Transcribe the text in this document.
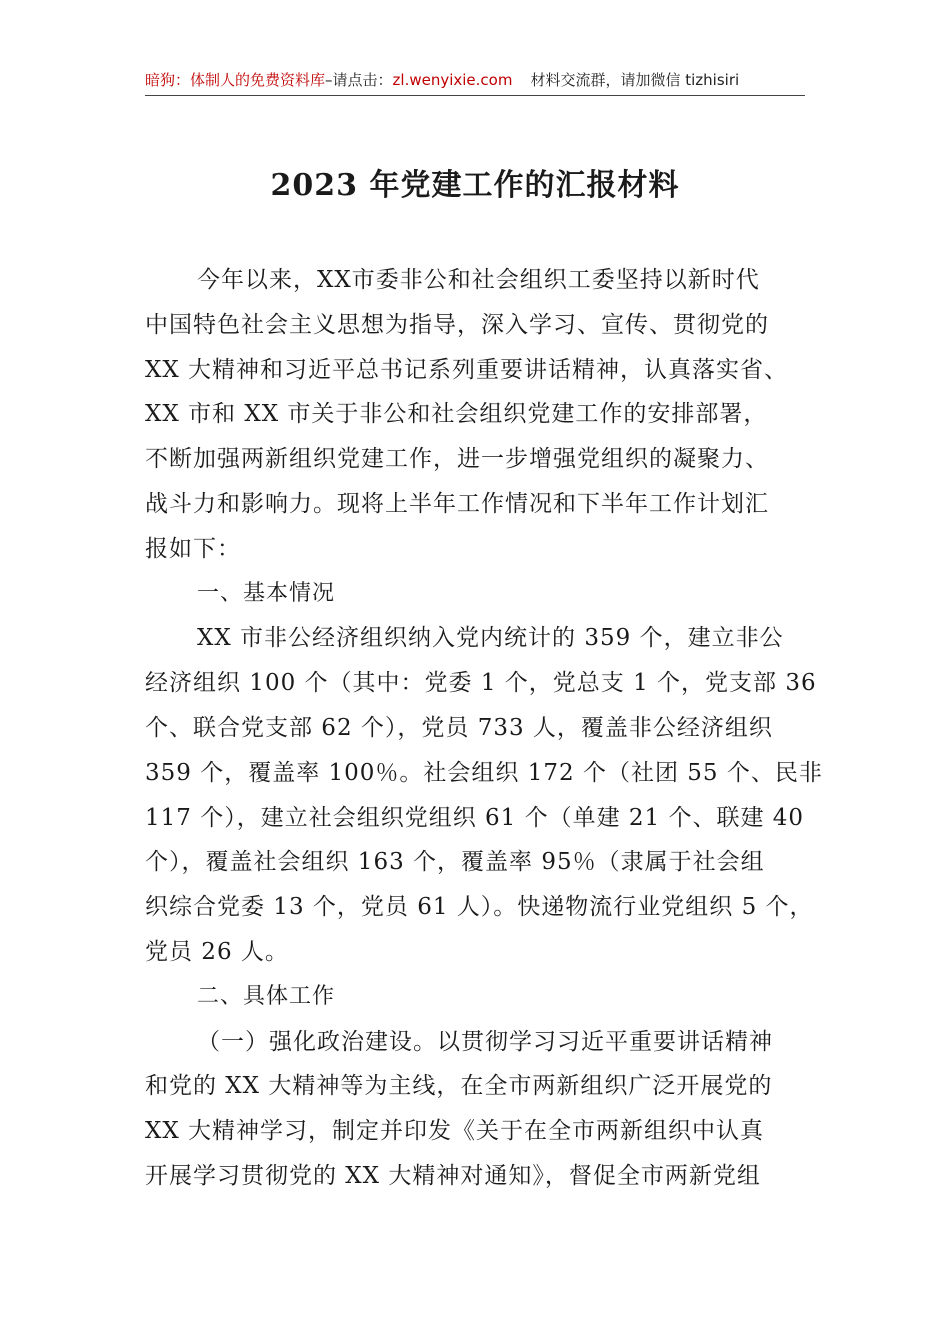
暗狗：体制人的免费资料库–请点击：zl.wenyixie.com 材料交流群，请加微信 tizhisiri
2023 年党建工作的汇报材料
今年以来，XX市委非公和社会组织工委坚持以新时代
中国特色社会主义思想为指导，深入学习、宣传、贯彻党的
XX 大精神和习近平总书记系列重要讲话精神，认真落实省、
XX 市和 XX 市关于非公和社会组织党建工作的安排部署，
不断加强两新组织党建工作，进一步增强党组织的凝聚力、
战斗力和影响力。现将上半年工作情况和下半年工作计划汇
报如下：
一、基本情况
XX 市非公经济组织纳入党内统计的 359 个，建立非公
经济组织 100 个（其中：党委 1 个，党总支 1 个，党支部 36
个、联合党支部 62 个），党员 733 人，覆盖非公经济组织
359 个，覆盖率 100％。社会组织 172 个（社团 55 个、民非
117 个），建立社会组织党组织 61 个（单建 21 个、联建 40
个），覆盖社会组织 163 个，覆盖率 95％（隶属于社会组
织综合党委 13 个，党员 61 人）。快递物流行业党组织 5 个，
党员 26 人。
二、具体工作
（一）强化政治建设。以贯彻学习习近平重要讲话精神
和党的 XX 大精神等为主线，在全市两新组织广泛开展党的
XX 大精神学习，制定并印发《关于在全市两新组织中认真
开展学习贯彻党的 XX 大精神对通知》，督促全市两新党组
